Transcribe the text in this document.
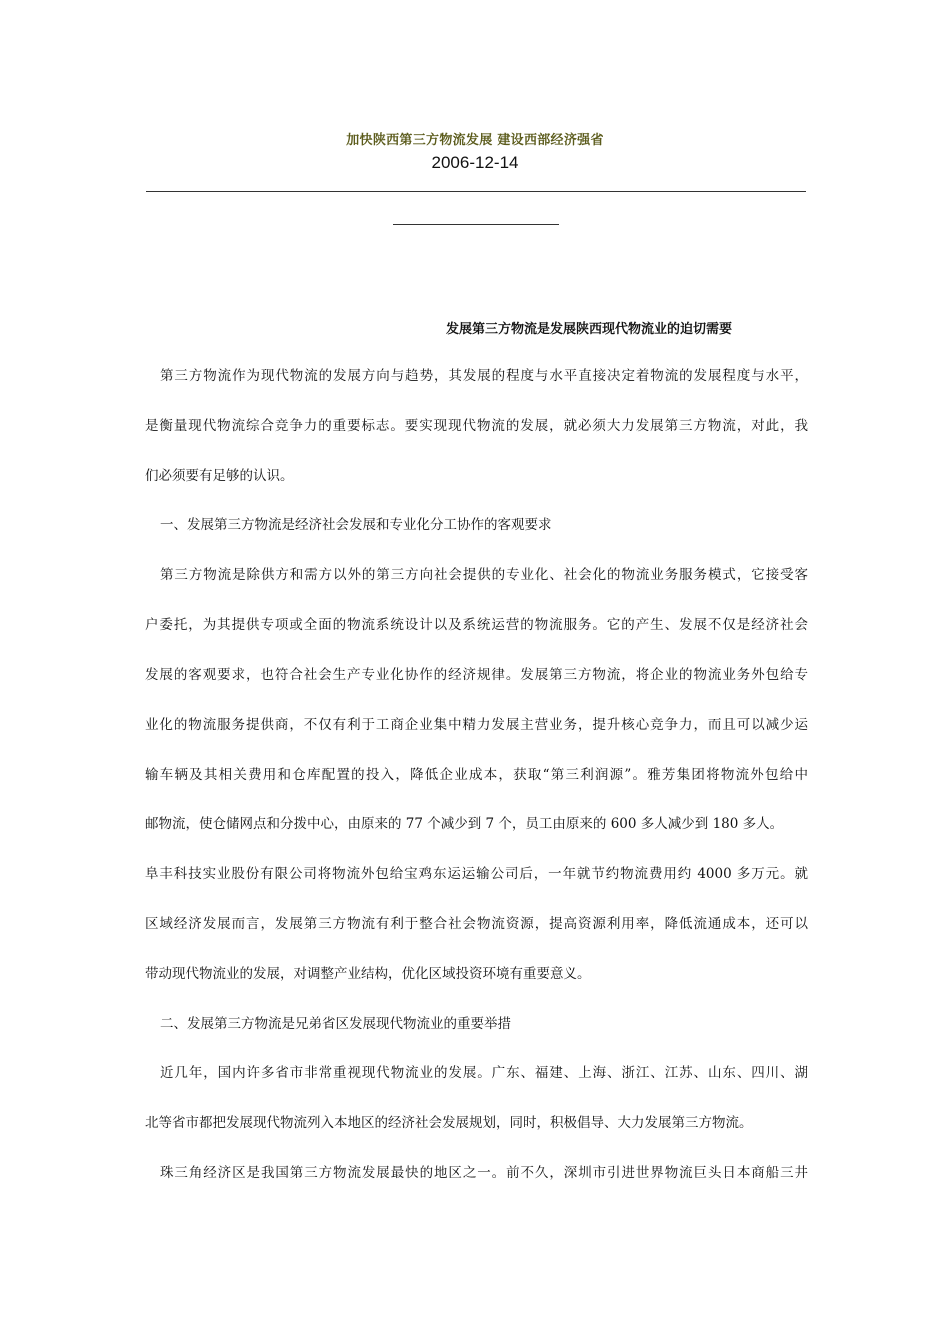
加快陕西第三方物流发展 建设西部经济强省
2006-12-14
发展第三方物流是发展陕西现代物流业的迫切需要
第三方物流作为现代物流的发展方向与趋势，其发展的程度与水平直接决定着物流的发展程度与水平，
是衡量现代物流综合竞争力的重要标志。要实现现代物流的发展，就必须大力发展第三方物流，对此，我
们必须要有足够的认识。
一、发展第三方物流是经济社会发展和专业化分工协作的客观要求
第三方物流是除供方和需方以外的第三方向社会提供的专业化、社会化的物流业务服务模式，它接受客
户委托，为其提供专项或全面的物流系统设计以及系统运营的物流服务。它的产生、发展不仅是经济社会
发展的客观要求，也符合社会生产专业化协作的经济规律。发展第三方物流，将企业的物流业务外包给专
业化的物流服务提供商，不仅有利于工商企业集中精力发展主营业务，提升核心竞争力，而且可以减少运
输车辆及其相关费用和仓库配置的投入，降低企业成本，获取“第三利润源”。雅芳集团将物流外包给中
邮物流，使仓储网点和分拨中心，由原来的 77 个减少到 7 个，员工由原来的 600 多人减少到 180 多人。
阜丰科技实业股份有限公司将物流外包给宝鸡东运运输公司后，一年就节约物流费用约 4000 多万元。就
区域经济发展而言，发展第三方物流有利于整合社会物流资源，提高资源利用率，降低流通成本，还可以
带动现代物流业的发展，对调整产业结构，优化区域投资环境有重要意义。
二、发展第三方物流是兄弟省区发展现代物流业的重要举措
近几年，国内许多省市非常重视现代物流业的发展。广东、福建、上海、浙江、江苏、山东、四川、湖
北等省市都把发展现代物流列入本地区的经济社会发展规划，同时，积极倡导、大力发展第三方物流。
珠三角经济区是我国第三方物流发展最快的地区之一。前不久，深圳市引进世界物流巨头日本商船三井
